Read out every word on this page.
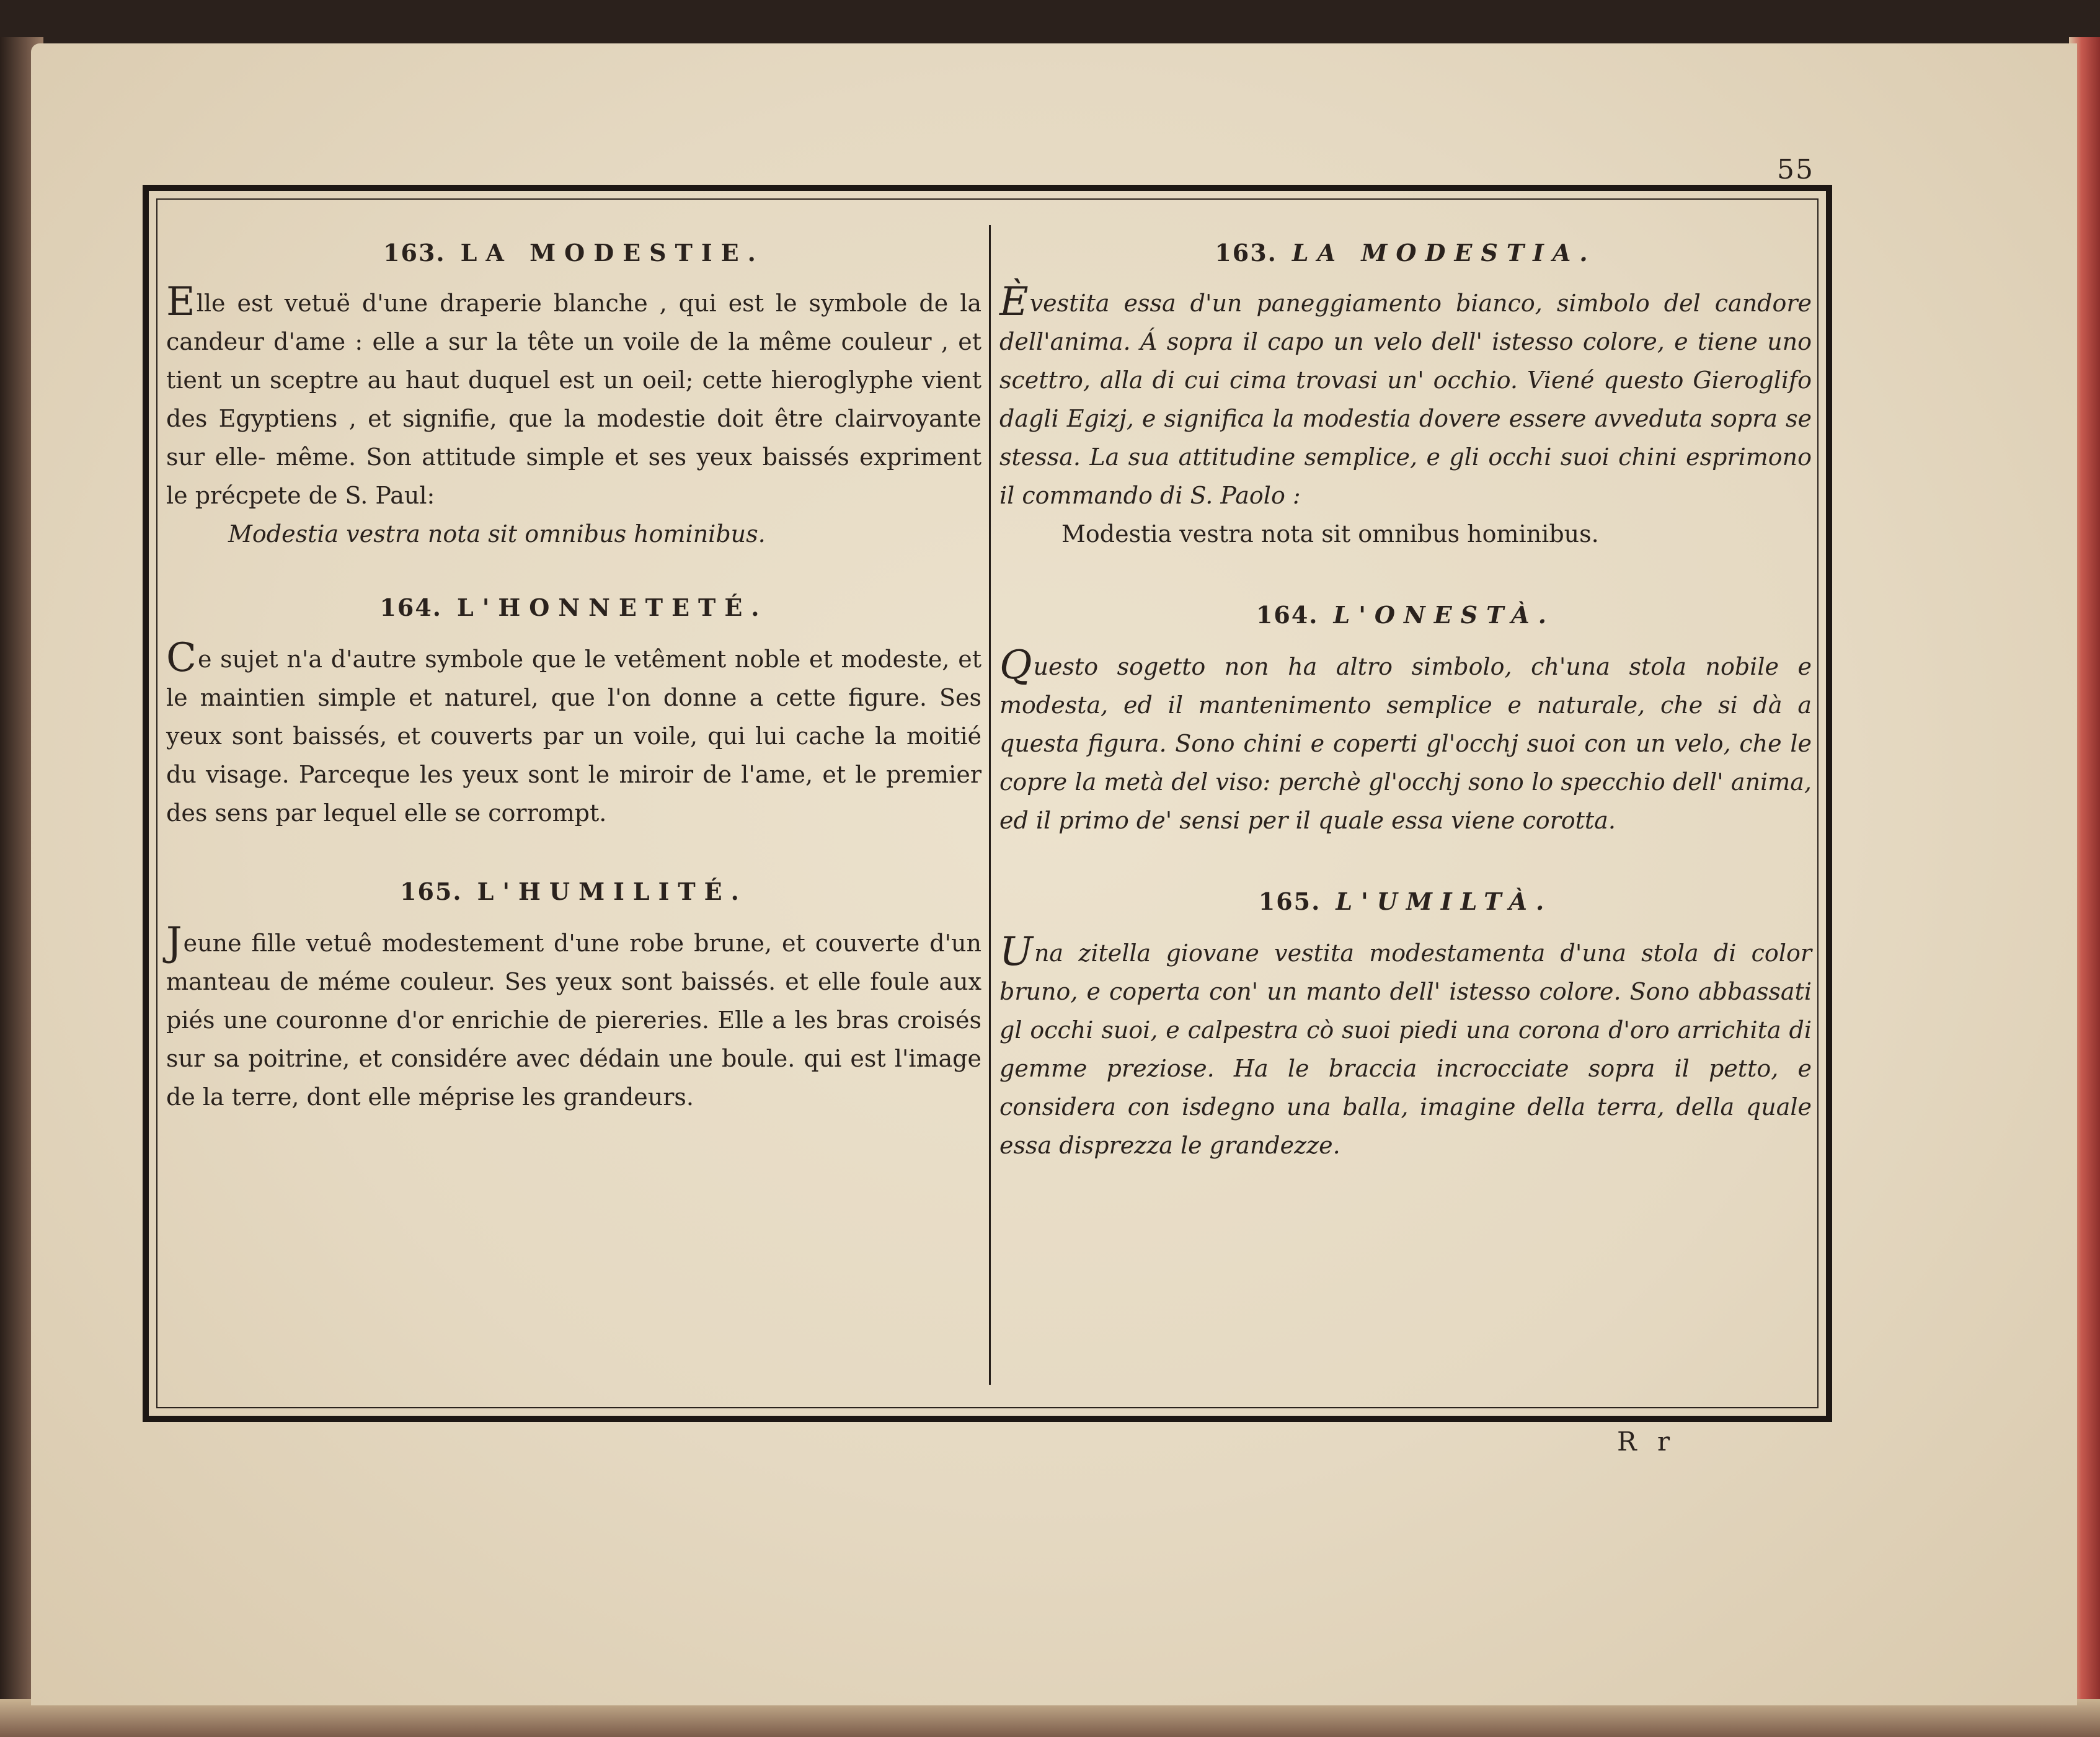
55
163. LA MODESTIE.

Elle est vetuë d'une draperie blanche , qui est le symbole de la candeur d'ame : elle a sur la tête un voile de la même couleur , et tient un sceptre au haut duquel est un oeil; cette hieroglyphe vient des Egyptiens , et signifie, que la modestie doit être clairvoyante sur elle- même. Son attitude simple et ses yeux baissés expriment le précpete de S. Paul:

Modestia vestra nota sit omnibus hominibus.

164. L'HONNETETÉ.

Ce sujet n'a d'autre symbole que le vetêment noble et modeste, et le maintien simple et naturel, que l'on donne a cette figure. Ses yeux sont baissés, et couverts par un voile, qui lui cache la moitié du visage. Parceque les yeux sont le miroir de l'ame, et le premier des sens par lequel elle se corrompt.

165. L'HUMILITÉ.

Jeune fille vetuê modestement d'une robe brune, et couverte d'un manteau de méme couleur. Ses yeux sont baissés. et elle foule aux piés une couronne d'or enrichie de piereries. Elle a les bras croisés sur sa poitrine, et considére avec dédain une boule. qui est l'image de la terre, dont elle méprise les grandeurs.

163. LA MODESTIA.

Èvestita essa d'un paneggiamento bianco, simbolo del candore dell'anima. Á sopra il capo un velo dell' istesso colore, e tiene uno scettro, alla di cui cima trovasi un' occhio. Viené questo Gieroglifo dagli Egizj, e significa la modestia dovere essere avveduta sopra se stessa. La sua attitudine semplice, e gli occhi suoi chini esprimono il commando di S. Paolo :

Modestia vestra nota sit omnibus hominibus.

164. L'ONESTÀ.

Questo sogetto non ha altro simbolo, ch'una stola nobile e modesta, ed il mantenimento semplice e naturale, che si dà a questa figura. Sono chini e coperti gl'occhj suoi con un velo, che le copre la metà del viso: perchè gl'occhj sono lo specchio dell' anima, ed il primo de' sensi per il quale essa viene corotta.

165. L'UMILTÀ.

Una zitella giovane vestita modestamenta d'una stola di color bruno, e coperta con' un manto dell' istesso colore. Sono abbassati gl occhi suoi, e calpestra cò suoi piedi una corona d'oro arrichita di gemme preziose. Ha le braccia incrocciate sopra il petto, e considera con isdegno una balla, imagine della terra, della quale essa disprezza le grandezze.

R r
